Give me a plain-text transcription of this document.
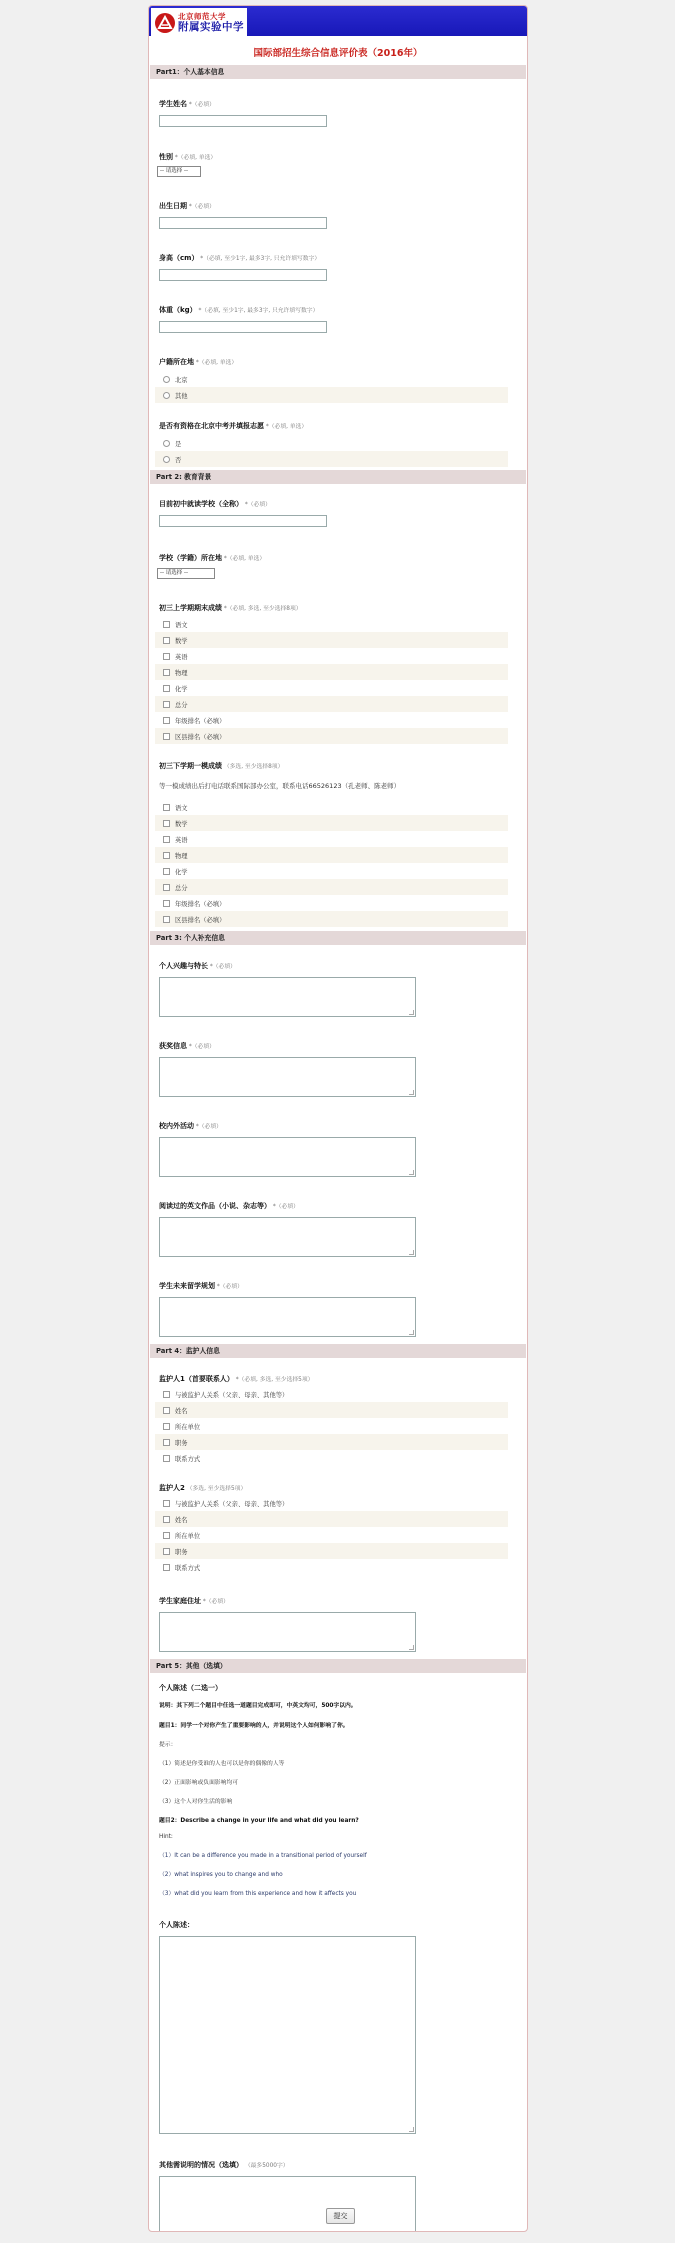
北京师范大学
附属实验中学
国际部招生综合信息评价表（2016年）
Part1：个人基本信息
学生姓名 *（必填）
性别 *（必填, 单选）
-- 请选择 --
出生日期 *（必填）
身高（cm） *（必填, 至少1字, 最多3字, 只允许填写数字）
体重（kg） *（必填, 至少1字, 最多3字, 只允许填写数字）
户籍所在地 *（必填, 单选）
北京
其他
是否有资格在北京中考并填报志愿 *（必填, 单选）
是
否
Part 2: 教育背景
目前初中就读学校（全称） *（必填）
学校（学籍）所在地 *（必填, 单选）
-- 请选择 --
初三上学期期末成绩 *（必填, 多选, 至少选择8项）
语文
数学
英语
物理
化学
总分
年级排名（必填）
区县排名（必填）
初三下学期一模成绩 （多选, 至少选择8项）
等一模成绩出后打电话联系国际部办公室，联系电话66526123（孔老师、陈老师）
语文
数学
英语
物理
化学
总分
年级排名（必填）
区县排名（必填）
Part 3: 个人补充信息
个人兴趣与特长 *（必填）
获奖信息 *（必填）
校内外活动 *（必填）
阅读过的英文作品（小说、杂志等） *（必填）
学生未来留学规划 *（必填）
Part 4：监护人信息
监护人1（首要联系人） *（必填, 多选, 至少选择5项）
与被监护人关系（父亲、母亲、其他等）
姓名
所在单位
职务
联系方式
监护人2 （多选, 至少选择5项）
与被监护人关系（父亲、母亲、其他等）
姓名
所在单位
职务
联系方式
学生家庭住址 *（必填）
Part 5：其他（选填）
个人陈述（二选一）
说明：其下列二个题目中任选一道题目完成即可，中英文均可，500字以内。
题目1：同学一个对你产生了重要影响的人，并说明这个人如何影响了你。
提示：
（1）简述是你受谁的人也可以是你的偶像的人等
（2）正面影响或负面影响均可
（3）这个人对你生活的影响
题目2：Describe a change in your life and what did you learn?
Hint:
（1）It can be a difference you made in a transitional period of yourself
（2）what inspires you to change and who
（3）what did you learn from this experience and how it affects you
个人陈述：
其他需说明的情况（选填） （最多5000字）
提交
